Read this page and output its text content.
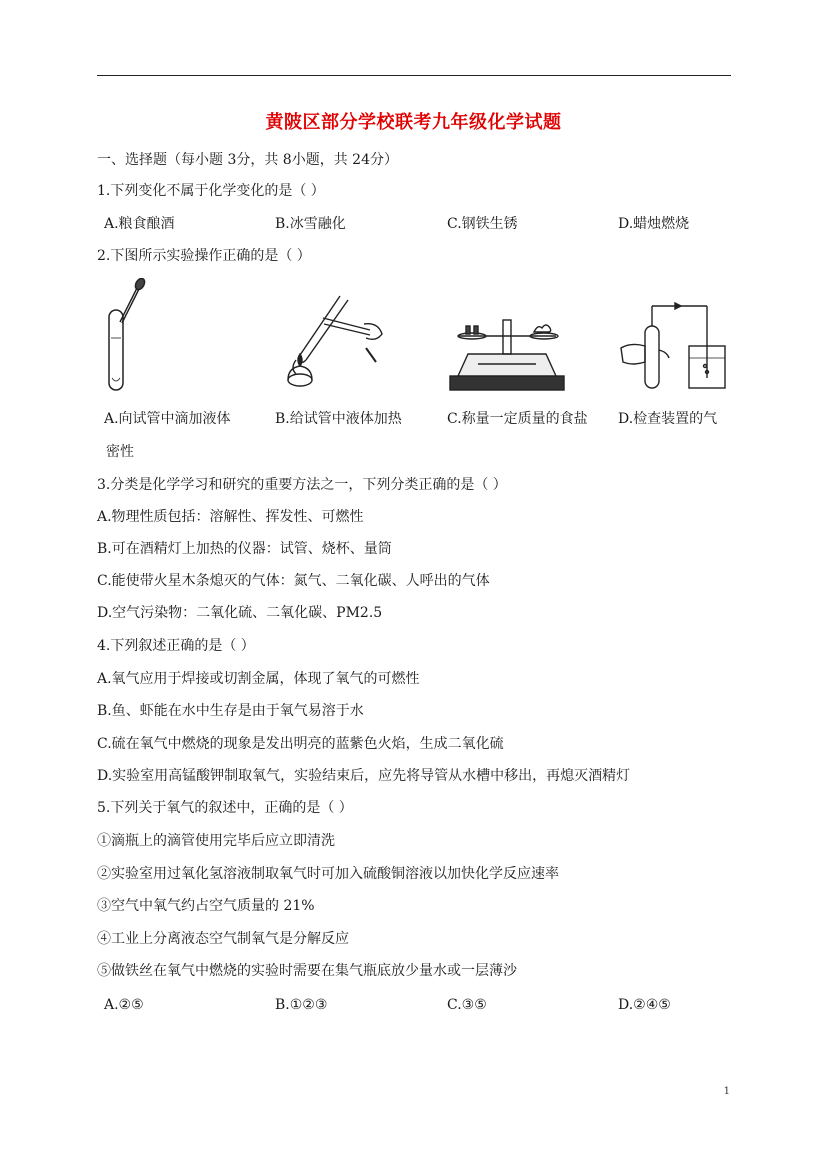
黄陂区部分学校联考九年级化学试题
一、选择题（每小题 3分，共 8小题，共 24分）
1.下列变化不属于化学变化的是（ ）
A.粮食酿酒	B.冰雪融化	C.钢铁生锈	D.蜡烛燃烧
2.下图所示实验操作正确的是（ ）
A.向试管中滴加液体	B.给试管中液体加热	C.称量一定质量的食盐 D.检查装置的气
密性
3.分类是化学学习和研究的重要方法之一，下列分类正确的是（ ）
A.物理性质包括：溶解性、挥发性、可燃性
B.可在酒精灯上加热的仪器：试管、烧杯、量筒
C.能使带火星木条熄灭的气体：氮气、二氧化碳、人呼出的气体
D.空气污染物：二氧化硫、二氧化碳、PM2.5
4.下列叙述正确的是（ ）
A.氧气应用于焊接或切割金属，体现了氧气的可燃性
B.鱼、虾能在水中生存是由于氧气易溶于水
C.硫在氧气中燃烧的现象是发出明亮的蓝紫色火焰，生成二氧化硫
D.实验室用高锰酸钾制取氧气，实验结束后，应先将导管从水槽中移出，再熄灭酒精灯
5.下列关于氧气的叙述中，正确的是（ ）
①滴瓶上的滴管使用完毕后应立即清洗
②实验室用过氧化氢溶液制取氧气时可加入硫酸铜溶液以加快化学反应速率
③空气中氧气约占空气质量的 21%
④工业上分离液态空气制氧气是分解反应
⑤做铁丝在氧气中燃烧的实验时需要在集气瓶底放少量水或一层薄沙
A.②⑤	B.①②③	C.③⑤	D.②④⑤
1
